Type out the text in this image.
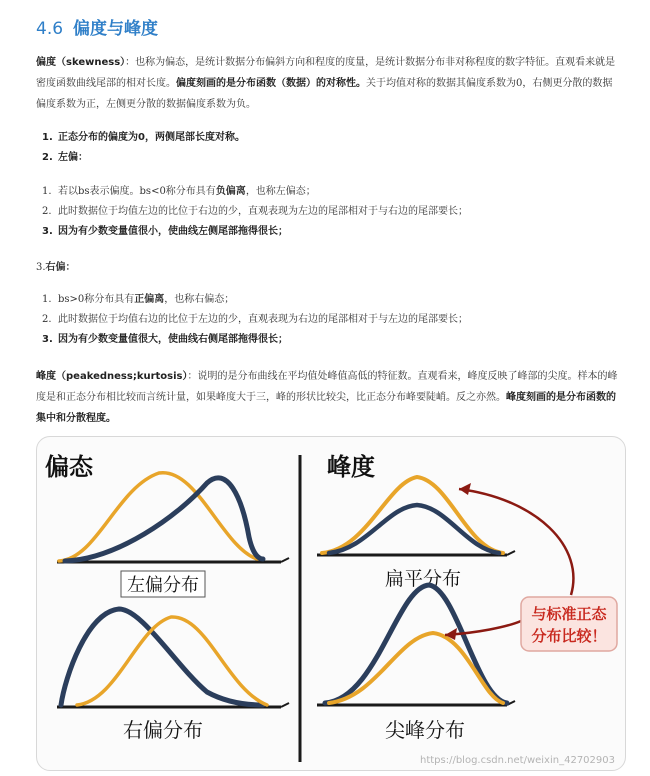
4.6 偏度与峰度

偏度（skewness）：也称为偏态，是统计数据分布偏斜方向和程度的度量，是统计数据分布非对称程度的数字特征。直观看来就是密度函数曲线尾部的相对长度。偏度刻画的是分布函数（数据）的对称性。关于均值对称的数据其偏度系数为0，右侧更分散的数据偏度系数为正，左侧更分散的数据偏度系数为负。

1. 正态分布的偏度为0，两侧尾部长度对称。
2. 左偏：
1. 若以bs表示偏度。bs<0称分布具有负偏离，也称左偏态；
2. 此时数据位于均值左边的比位于右边的少，直观表现为左边的尾部相对于与右边的尾部要长；
3. 因为有少数变量值很小，使曲线左侧尾部拖得很长；

3.右偏：

1. bs>0称分布具有正偏离，也称右偏态；
2. 此时数据位于均值右边的比位于左边的少，直观表现为右边的尾部相对于与左边的尾部要长；
3. 因为有少数变量值很大，使曲线右侧尾部拖得很长；

峰度（peakedness;kurtosis）：说明的是分布曲线在平均值处峰值高低的特征数。直观看来，峰度反映了峰部的尖度。样本的峰度是和正态分布相比较而言统计量，如果峰度大于三，峰的形状比较尖，比正态分布峰要陡峭。反之亦然。峰度刻画的是分布函数的集中和分散程度。

偏态	峰度
左偏分布
右偏分布
扁平分布
尖峰分布
与标准正态
分布比较！
https://blog.csdn.net/weixin_42702903
